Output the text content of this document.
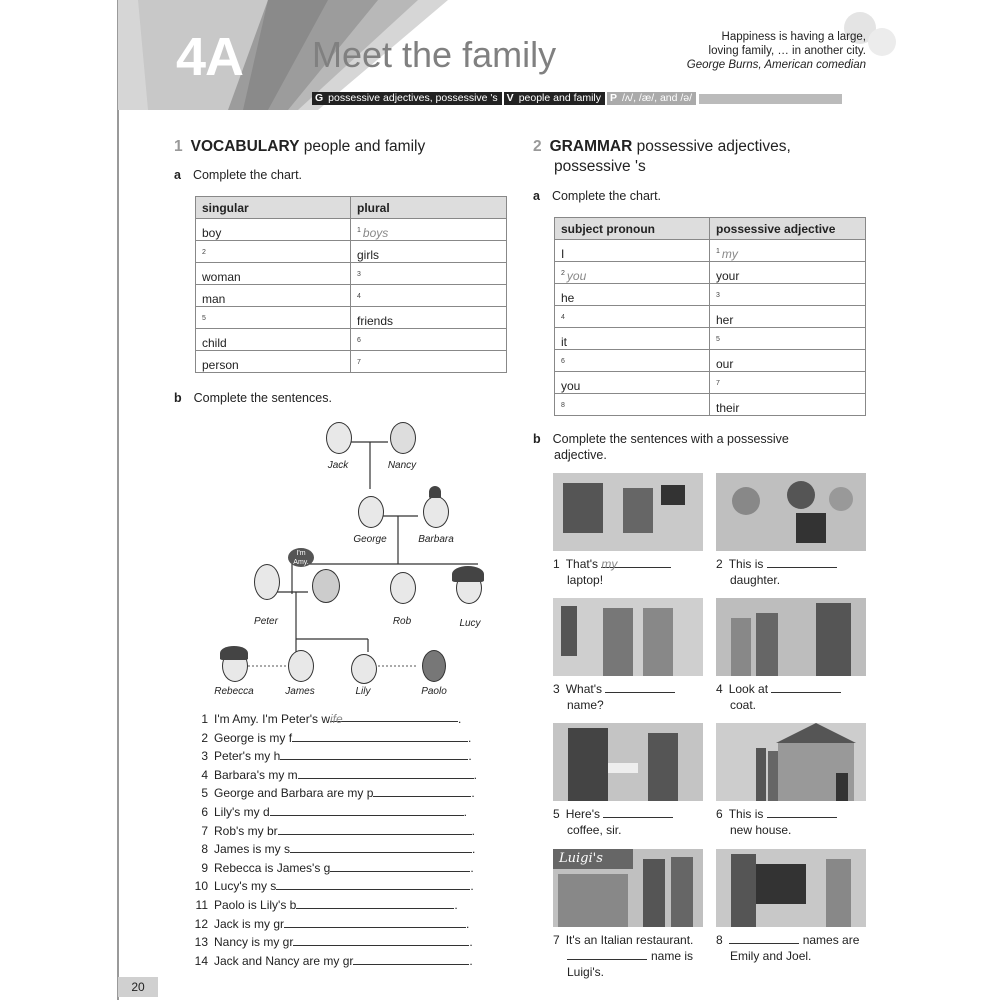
4A Meet the family	Happiness is having a large,
loving family, … in another city.
George Burns, American comedian
G possessive adjectives, possessive 's V people and family P /ʌ/, /æ/, and /ə/
1 VOCABULARY people and family
a Complete the chart.
singular	plural
boy	$^1$ boys
$^2$	girls
woman	$^3$
man	$^4$
$^5$	friends
child	$^6$
person	$^7$
b Complete the sentences.
I'm Amy.
Jack	Nancy
George	Barbara
Peter	Rob	Lucy
Rebecca	James	Lily	Paolo
1 I'm Amy. I'm Peter's wife	.
2 George is my f	.
3 Peter's my h	.
4 Barbara's my m	.
5 George and Barbara are my p	.
6 Lily's my d	.
7 Rob's my br	.
8 James is my s	.
9 Rebecca is James's g	.
10 Lucy's my s	.
11 Paolo is Lily's b	.
12 Jack is my gr	.
13 Nancy is my gr	.
14 Jack and Nancy are my gr	.
2 GRAMMAR possessive adjectives,
possessive 's
a Complete the chart.
subject pronoun	possessive adjective
I	$^1$ my
$^2$ you	your
he	$^3$
$^4$	her
it	$^5$
$^6$	our
you	$^7$
$^8$	their
b Complete the sentences with a possessive
adjective.
Luigi's
1 That's my
laptop!
2 This is
daughter.
3 What's
name?
4 Look at
coat.
5 Here's
coffee, sir.
6 This is
new house.
7 It's an Italian restaurant.
name is
Luigi's.
8	names are
Emily and Joel.
20
